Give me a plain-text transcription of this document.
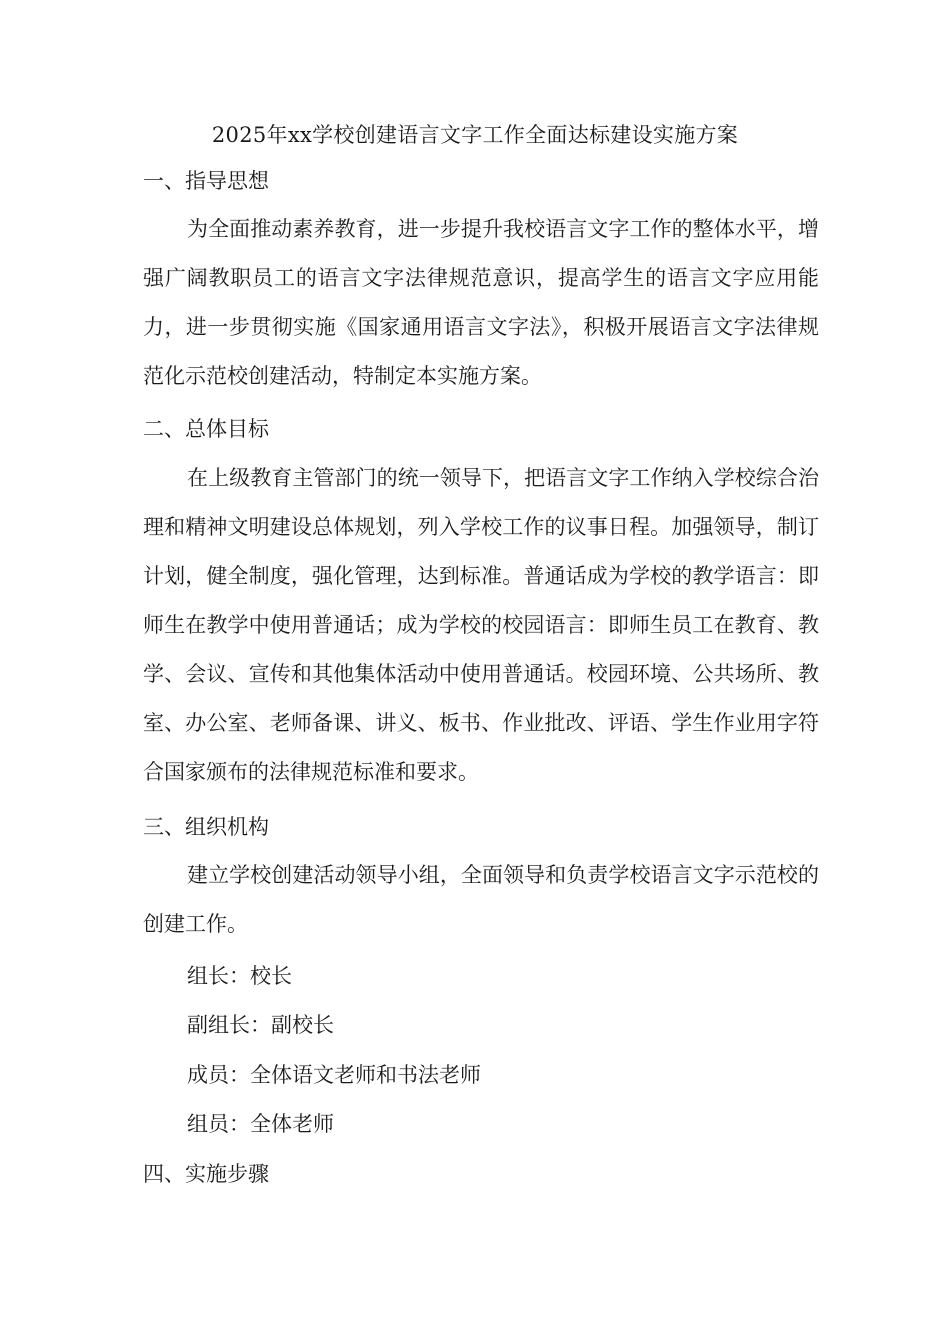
2025年xx学校创建语言文字工作全面达标建设实施方案
一、指导思想

为全面推动素养教育，进一步提升我校语言文字工作的整体水平，增强广阔教职员工的语言文字法律规范意识，提高学生的语言文字应用能力，进一步贯彻实施《国家通用语言文字法》，积极开展语言文字法律规范化示范校创建活动，特制定本实施方案。

二、总体目标

在上级教育主管部门的统一领导下，把语言文字工作纳入学校综合治理和精神文明建设总体规划，列入学校工作的议事日程。加强领导，制订计划，健全制度，强化管理，达到标准。普通话成为学校的教学语言：即师生在教学中使用普通话；成为学校的校园语言：即师生员工在教育、教学、会议、宣传和其他集体活动中使用普通话。校园环境、公共场所、教室、办公室、老师备课、讲义、板书、作业批改、评语、学生作业用字符合国家颁布的法律规范标准和要求。

三、组织机构

建立学校创建活动领导小组，全面领导和负责学校语言文字示范校的创建工作。

组长：校长

副组长：副校长

成员：全体语文老师和书法老师

组员：全体老师

四、实施步骤
